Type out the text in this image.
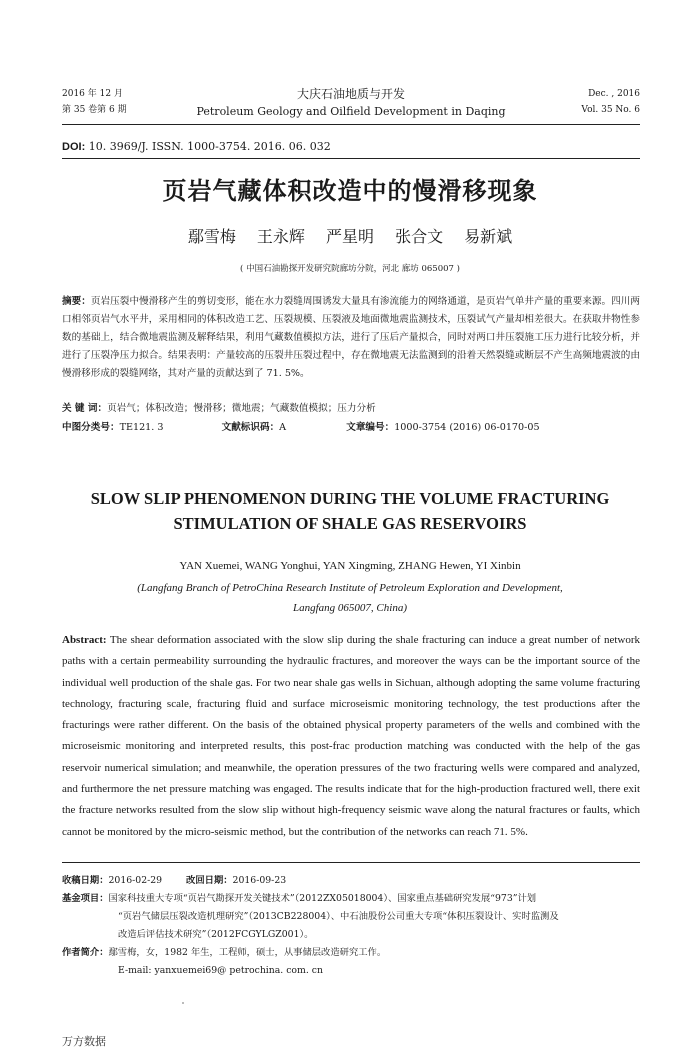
2016 年 12 月
第 35 卷第 6 期
大庆石油地质与开发
Petroleum Geology and Oilfield Development in Daqing
Dec. , 2016
Vol. 35 No. 6
DOI: 10. 3969/J. ISSN. 1000-3754. 2016. 06. 032
页岩气藏体积改造中的慢滑移现象
鄢雪梅 王永辉 严星明 张合文 易新斌
( 中国石油勘探开发研究院廊坊分院，河北 廊坊 065007 )
摘要：页岩压裂中慢滑移产生的剪切变形，能在水力裂缝周围诱发大量具有渗流能力的网络通道，是页岩气单井产量的重要来源。四川两口相邻页岩气水平井，采用相同的体积改造工艺、压裂规模、压裂液及地面微地震监测技术，压裂试气产量却相差很大。在获取井物性参数的基础上，结合微地震监测及解释结果，利用气藏数值模拟方法，进行了压后产量拟合，同时对两口井压裂施工压力进行比较分析，并进行了压裂净压力拟合。结果表明：产量较高的压裂井压裂过程中，存在微地震无法监测到的沿着天然裂缝或断层不产生高频地震波的由慢滑移形成的裂缝网络，其对产量的贡献达到了 71. 5%。
关 键 词：页岩气；体积改造；慢滑移；微地震；气藏数值模拟；压力分析
中图分类号：TE121. 3	文献标识码：A	文章编号：1000-3754 (2016) 06-0170-05
SLOW SLIP PHENOMENON DURING THE VOLUME FRACTURING STIMULATION OF SHALE GAS RESERVOIRS
YAN Xuemei, WANG Yonghui, YAN Xingming, ZHANG Hewen, YI Xinbin
(Langfang Branch of PetroChina Research Institute of Petroleum Exploration and Development, Langfang 065007, China)
Abstract: The shear deformation associated with the slow slip during the shale fracturing can induce a great number of network paths with a certain permeability surrounding the hydraulic fractures, and moreover the ways can be the important source of the individual well production of the shale gas. For two near shale gas wells in Sichuan, although adopting the same volume fracturing technology, fracturing scale, fracturing fluid and surface microseismic monitoring technology, the test productions after the fracturings were rather different. On the basis of the obtained physical property parameters of the wells and combined with the microseismic monitoring and interpreted results, this post-frac production matching was conducted with the help of the gas reservoir numerical simulation; and meanwhile, the operation pressures of the two fracturing wells were compared and analyzed, and furthermore the net pressure matching was engaged. The results indicate that for the high-production fractured well, there exit the fracture networks resulted from the slow slip without high-frequency seismic wave along the natural fractures or faults, which cannot be monitored by the micro-seismic method, but the contribution of the networks can reach 71. 5%.
收稿日期：2016-02-29	改回日期：2016-09-23
基金项目：国家科技重大专项“页岩气勘探开发关键技术”（2012ZX05018004）、国家重点基础研究发展“973”计划
“页岩气储层压裂改造机理研究”（2013CB228004）、中石油股份公司重大专项“体积压裂设计、实时监测及
改造后评估技术研究”（2012FCGYLGZ001）。
作者简介：鄢雪梅，女，1982 年生，工程师，硕士，从事储层改造研究工作。
E-mail: yanxuemei69@ petrochina. com. cn
万方数据
